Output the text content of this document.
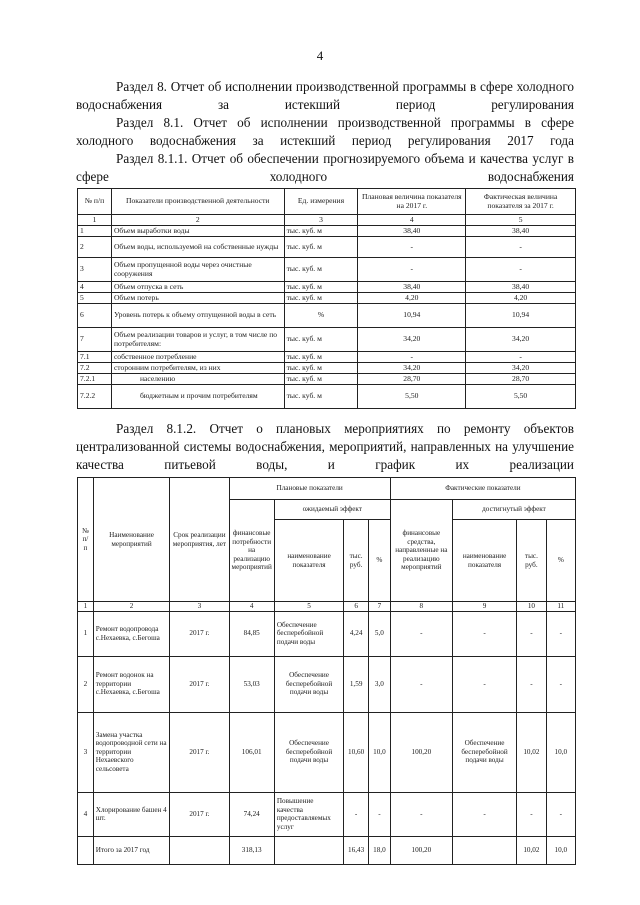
4
Раздел 8. Отчет об исполнении производственной программы в сфере холодного водоснабжения за истекший период регулирования
Раздел 8.1. Отчет об исполнении производственной программы в сфере холодного водоснабжения за истекший период регулирования 2017 года
Раздел 8.1.1. Отчет об обеспечении прогнозируемого объема и качества услуг в сфере холодного водоснабжения
№ п/п	Показатели производственной деятельности	Ед. измерения	Плановая величина показателя на 2017 г.	Фактическая величина показателя за 2017 г.
1	2	3	4	5
1	Объем выработки воды	тыс. куб. м	38,40	38,40
2	Объем воды, используемой на собственные нужды	тыс. куб. м	-	-
3	Объем пропущенной воды через очистные сооружения	тыс. куб. м	-	-
4	Объем отпуска в сеть	тыс. куб. м	38,40	38,40
5	Объем потерь	тыс. куб. м	4,20	4,20
6	Уровень потерь к объему отпущенной воды в сеть	%	10,94	10,94
7	Объем реализации товаров и услуг, в том числе по потребителям:	тыс. куб. м	34,20	34,20
7.1	собственное потребление	тыс. куб. м	-	-
7.2	сторонним потребителям, из них	тыс. куб. м	34,20	34,20
7.2.1	населению	тыс. куб. м	28,70	28,70
7.2.2	бюджетным и прочим потребителям	тыс. куб. м	5,50	5,50
Раздел 8.1.2. Отчет о плановых мероприятиях по ремонту объектов централизованной системы водоснабжения, мероприятий, направленных на улучшение качества питьевой воды, и график их реализации
№ п/ п	Наименование мероприятий	Срок реализации мероприятия, лет	Плановые показатели				Фактические показатели			
			финансовые потребности на реализацию мероприятий	ожидаемый эффект			финансовые средства, направленные на реализацию мероприятий	достигнутый эффект		
				наименование показателя	тыс. руб.	%		наименование показателя	тыс. руб.	%
1	2	3	4	5	6	7	8	9	10	11
1	Ремонт водопровода с.Нехаевка, с.Бегоша	2017 г.	84,85	Обеспечение бесперебойной подачи воды	4,24	5,0	-	-	-	-
2	Ремонт водонок на территории с.Нехаевка, с.Бегоша	2017 г.	53,03	Обеспечение бесперебойной подачи воды	1,59	3,0	-	-	-	-
3	Замена участка водопроводной сети на территории Нехаевского сельсовета	2017 г.	106,01	Обеспечение бесперебойной подачи воды	10,60	10,0	100,20	Обеспечение бесперебойной подачи воды	10,02	10,0
4	Хлорирование башен 4 шт.	2017 г.	74,24	Повышение качества предоставляемых услуг	-	-	-	-	-	-
	Итого за 2017 год		318,13		16,43	18,0	100,20		10,02	10,0
